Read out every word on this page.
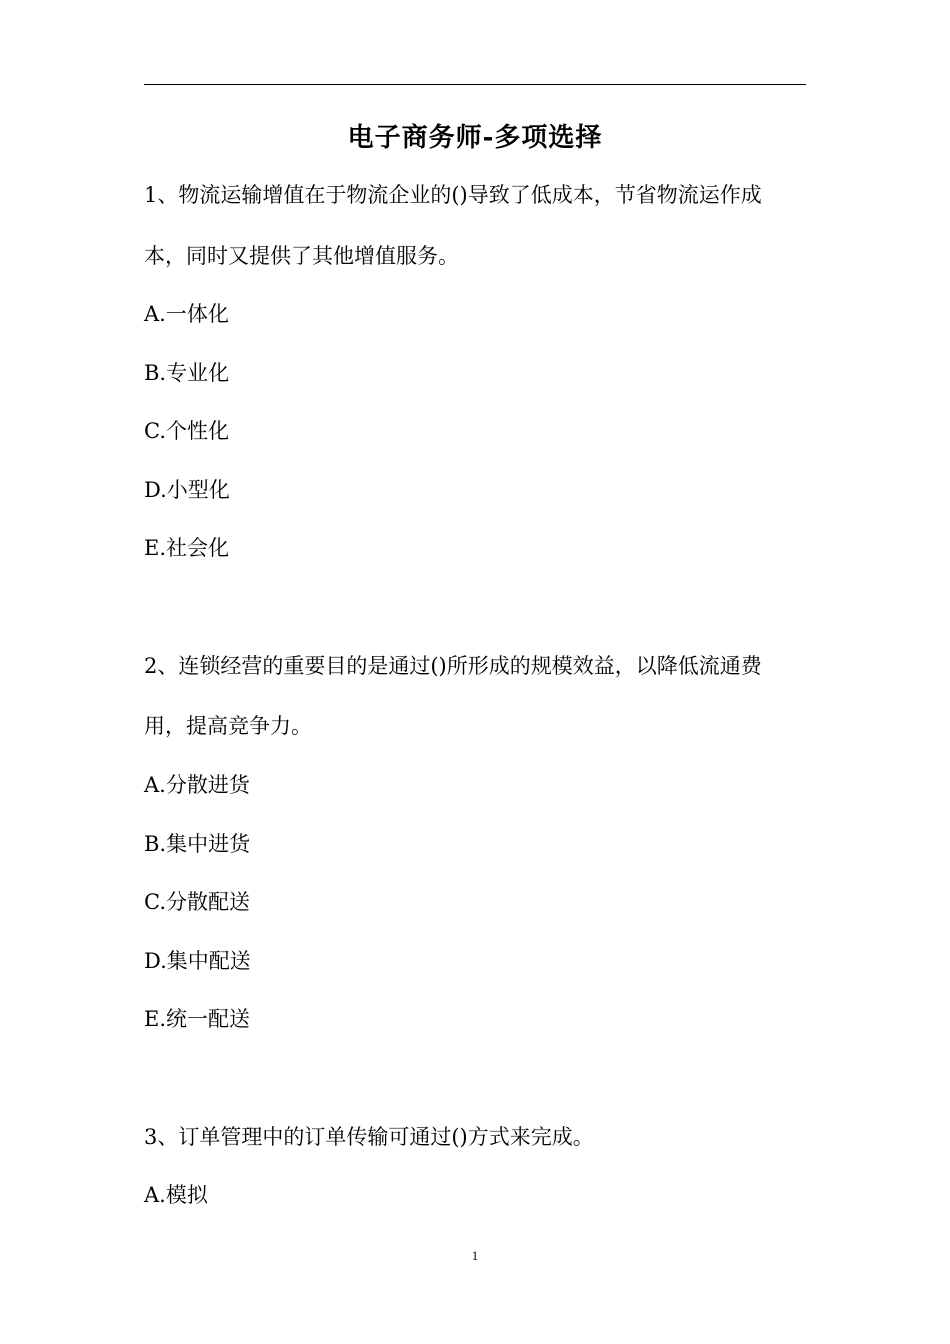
电子商务师-多项选择
1、物流运输增值在于物流企业的()导致了低成本，节省物流运作成
本，同时又提供了其他增值服务。
A.一体化
B.专业化
C.个性化
D.小型化
E.社会化
2、连锁经营的重要目的是通过()所形成的规模效益，以降低流通费
用，提高竞争力。
A.分散进货
B.集中进货
C.分散配送
D.集中配送
E.统一配送
3、订单管理中的订单传输可通过()方式来完成。
A.模拟
1
